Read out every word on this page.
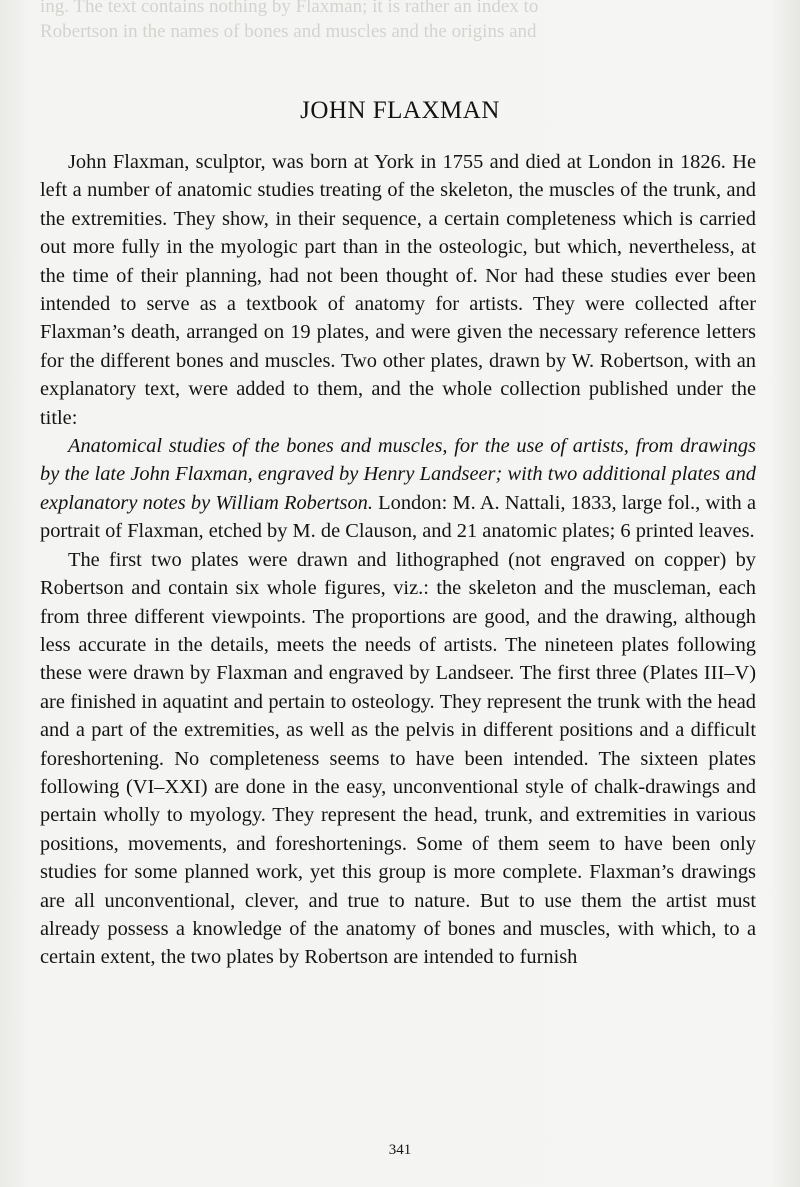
ing. The text contains nothing by Flaxman; it is rather an index to
Robertson in the names of bones and muscles and the origins and
JOHN FLAXMAN

John Flaxman, sculptor, was born at York in 1755 and died at London in 1826. He left a number of anatomic studies treating of the skeleton, the muscles of the trunk, and the extremities. They show, in their sequence, a certain completeness which is carried out more fully in the myologic part than in the osteologic, but which, nevertheless, at the time of their planning, had not been thought of. Nor had these studies ever been intended to serve as a textbook of anatomy for artists. They were collected after Flaxman’s death, arranged on 19 plates, and were given the necessary reference letters for the different bones and muscles. Two other plates, drawn by W. Robertson, with an explanatory text, were added to them, and the whole collection published under the title:

Anatomical studies of the bones and muscles, for the use of artists, from drawings by the late John Flaxman, engraved by Henry Landseer; with two additional plates and explanatory notes by William Robertson. London: M. A. Nattali, 1833, large fol., with a portrait of Flaxman, etched by M. de Clauson, and 21 anatomic plates; 6 printed leaves.

The first two plates were drawn and lithographed (not engraved on copper) by Robertson and contain six whole figures, viz.: the skeleton and the muscleman, each from three different viewpoints. The proportions are good, and the drawing, although less accurate in the details, meets the needs of artists. The nineteen plates following these were drawn by Flaxman and engraved by Landseer. The first three (Plates III–V) are finished in aquatint and pertain to osteology. They represent the trunk with the head and a part of the extremities, as well as the pelvis in different positions and a difficult foreshortening. No completeness seems to have been intended. The sixteen plates following (VI–XXI) are done in the easy, unconventional style of chalk-drawings and pertain wholly to myology. They represent the head, trunk, and extremities in various positions, movements, and foreshortenings. Some of them seem to have been only studies for some planned work, yet this group is more complete. Flaxman’s drawings are all unconventional, clever, and true to nature. But to use them the artist must already possess a knowledge of the anatomy of bones and muscles, with which, to a certain extent, the two plates by Robertson are intended to furnish

341
